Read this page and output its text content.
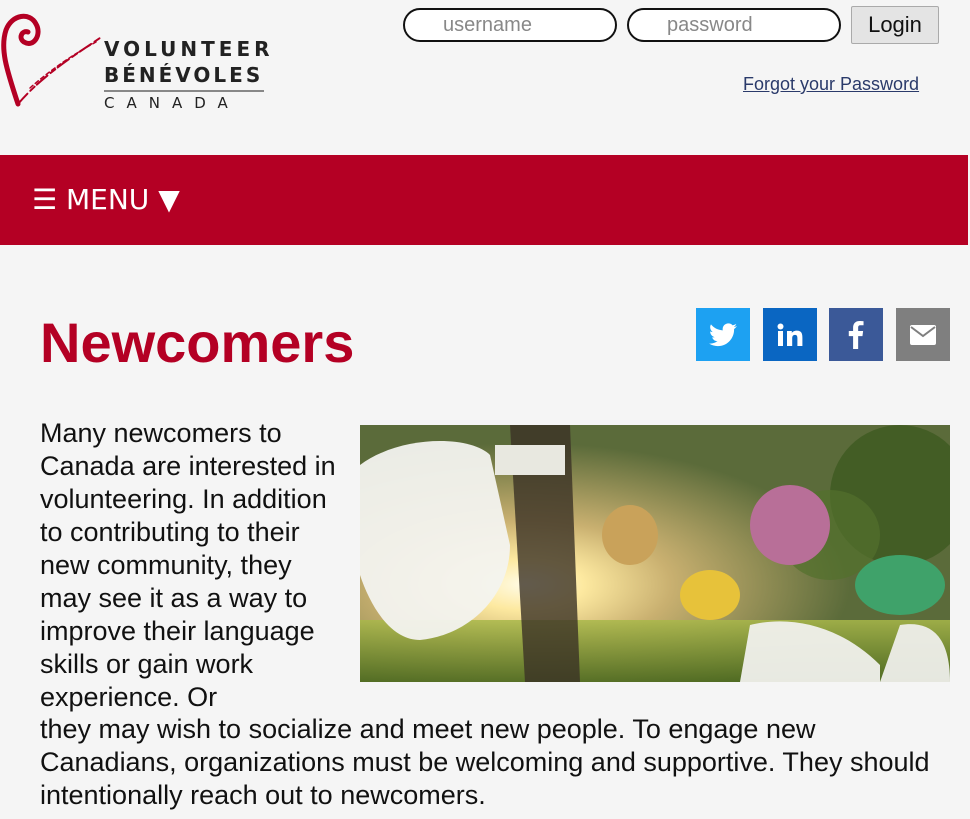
VOLUNTEER
BÉNÉVOLES
CANADA
username
Login
Forgot your Password
☰ MENU ▼
Newcomers

Many newcomers to Canada are interested in volunteering. In addition to contributing to their new community, they may see it as a way to improve their language skills or gain work experience. Or

they may wish to socialize and meet new people. To engage new Canadians, organizations must be welcoming and supportive. They should intentionally reach out to newcomers.
